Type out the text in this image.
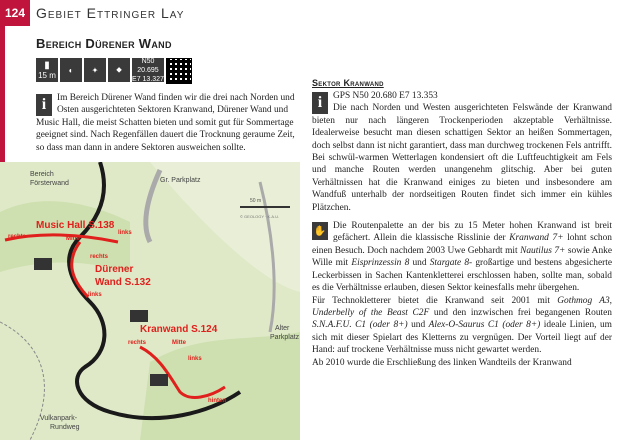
124 Gebiet Ettringer Lay
Bereich Dürener Wand
▮
15 m
◐ ✦ ⬥
N50 20.695
E7 13.327
i	Im Bereich Dürener Wand finden wir die drei nach Norden und Osten ausgerichteten Sektoren Kranwand, Dürener Wand und Music Hall, die meist Schatten bieten und somit gut für Sommertage geeignet sind. Nach Regenfällen dauert die Trocknung geraume Zeit, so dass man dann in andere Sektoren ausweichen sollte.

Bereich
Försterwand	Gr. Parkplatz
Alter
Parkplatz
Vulkanpark-
Rundweg
Music Hall S.138
Dürener
Wand S.132
Kranwand S.124
rechts	Mitte
links
rechts
links
rechts	Mitte
links
hinten
50 m
© GEOLOGY · K.A.U.
Sektor Kranwand
i	GPS N50 20.680 E7 13.353

Die nach Norden und Westen ausgerichteten Felswände der Kranwand bieten nur nach längeren Trockenperioden akzeptable Verhältnisse. Idealerweise besucht man diesen schattigen Sektor an heißen Sommertagen, doch selbst dann ist nicht garantiert, dass man durchweg trockenen Fels antrifft. Bei schwül-warmen Wetterlagen kondensiert oft die Luftfeuchtigkeit am Fels und manche Routen werden unangenehm glitschig. Aber bei guten Verhältnissen hat die Kranwand einiges zu bieten und insbesondere am Wandfuß unterhalb der nordseitigen Routen findet sich immer ein kühles Plätzchen.

✋ Die Routenpalette an der bis zu 15 Meter hohen Kranwand ist breit gefächert. Allein die klassische Risslinie der Kranwand 7+ lohnt schon einen Besuch. Doch nachdem 2003 Uwe Gebhardt mit Nautilus 7+ sowie Anke Wille mit Eisprinzessin 8 und Stargate 8- großartige und bestens abgesicherte Leckerbissen in Sachen Kantenkletterei erschlossen haben, sollte man, sobald es die Verhältnisse erlauben, diesen Sektor keinesfalls mehr übergehen.

Für Technokletterer bietet die Kranwand seit 2001 mit Gothmog A3, Underbelly of the Beast C2F und den inzwischen frei begangenen Routen S.N.A.F.U. C1 (oder 8+) und Alex-O-Saurus C1 (oder 8+) ideale Linien, um sich mit dieser Spielart des Kletterns zu vergnügen. Der Vorteil liegt auf der Hand: auf trockene Verhältnisse muss nicht gewartet werden.

Ab 2010 wurde die Erschließung des linken Wandteils der Kranwand
